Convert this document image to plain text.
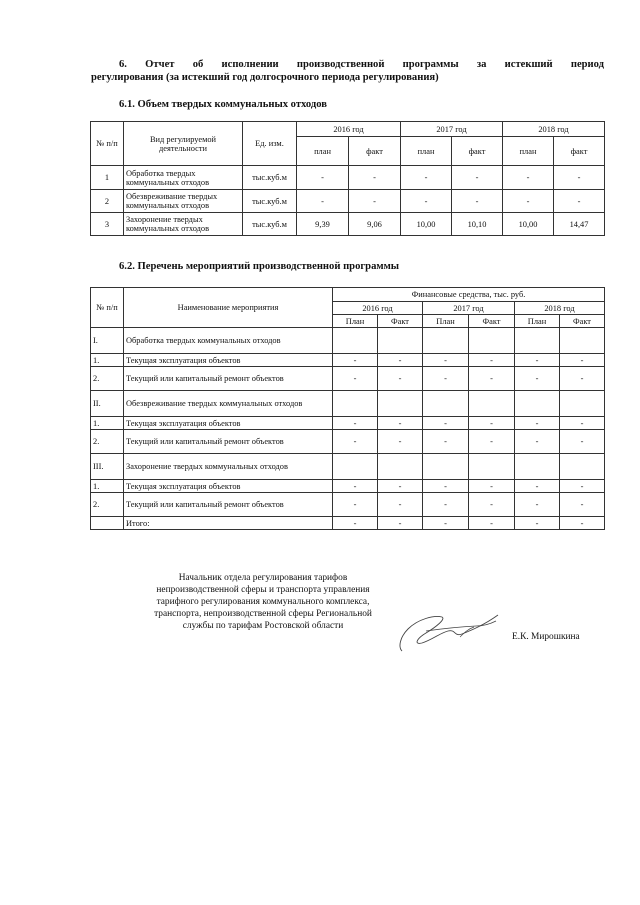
6. Отчет об исполнении производственной программы за истекший период
регулирования (за истекший год долгосрочного периода регулирования)
6.1. Объем твердых коммунальных отходов
№ п/п	Вид регулируемой деятельности	Ед. изм.	2016 год		2017 год		2018 год	
			план	факт	план	факт	план	факт
1	Обработка твердых коммунальных отходов	тыс.куб.м	-	-	-	-	-	-
2	Обезвреживание твердых коммунальных отходов	тыс.куб.м	-	-	-	-	-	-
3	Захоронение твердых коммунальных отходов	тыс.куб.м	9,39	9,06	10,00	10,10	10,00	14,47
6.2. Перечень мероприятий производственной программы
№ п/п	Наименование мероприятия	Финансовые средства, тыс. руб.					
		2016 год		2017 год		2018 год	
		План	Факт	План	Факт	План	Факт
I.	Обработка твердых коммунальных отходов						
1.	Текущая эксплуатация объектов	-	-	-	-	-	-
2.	Текущий или капитальный ремонт объектов	-	-	-	-	-	-
II.	Обезвреживание твердых коммунальных отходов						
1.	Текущая эксплуатация объектов	-	-	-	-	-	-
2.	Текущий или капитальный ремонт объектов	-	-	-	-	-	-
III.	Захоронение твердых коммунальных отходов						
1.	Текущая эксплуатация объектов	-	-	-	-	-	-
2.	Текущий или капитальный ремонт объектов	-	-	-	-	-	-
	Итого:	-	-	-	-	-	-
Начальник отдела регулирования тарифов
непроизводственной сферы и транспорта управления
тарифного регулирования коммунального комплекса,
транспорта, непроизводственной сферы Региональной
службы по тарифам Ростовской области
Е.К. Мирошкина
